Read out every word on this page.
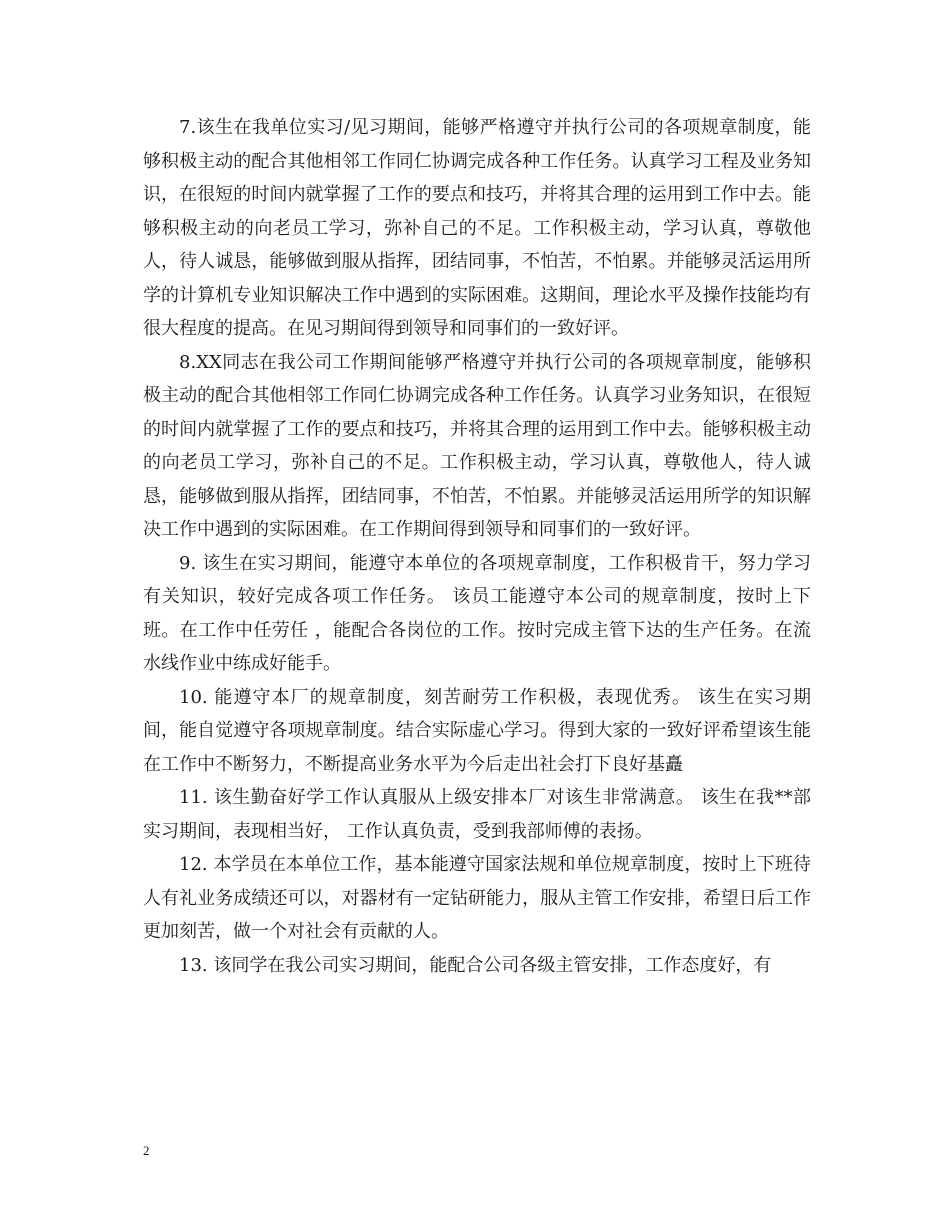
7.该生在我单位实习/见习期间，能够严格遵守并执行公司的各项规章制度，能够积极主动的配合其他相邻工作同仁协调完成各种工作任务。认真学习工程及业务知识，在很短的时间内就掌握了工作的要点和技巧，并将其合理的运用到工作中去。能够积极主动的向老员工学习，弥补自己的不足。工作积极主动，学习认真，尊敬他人，待人诚恳，能够做到服从指挥，团结同事，不怕苦，不怕累。并能够灵活运用所学的计算机专业知识解决工作中遇到的实际困难。这期间，理论水平及操作技能均有很大程度的提高。在见习期间得到领导和同事们的一致好评。

8.XX同志在我公司工作期间能够严格遵守并执行公司的各项规章制度，能够积极主动的配合其他相邻工作同仁协调完成各种工作任务。认真学习业务知识，在很短的时间内就掌握了工作的要点和技巧，并将其合理的运用到工作中去。能够积极主动的向老员工学习，弥补自己的不足。工作积极主动，学习认真，尊敬他人，待人诚恳，能够做到服从指挥，团结同事，不怕苦，不怕累。并能够灵活运用所学的知识解决工作中遇到的实际困难。在工作期间得到领导和同事们的一致好评。

9. 该生在实习期间，能遵守本单位的各项规章制度，工作积极肯干，努力学习有关知识，较好完成各项工作任务。 该员工能遵守本公司的规章制度，按时上下班。在工作中任劳任 ，能配合各岗位的工作。按时完成主管下达的生产任务。在流水线作业中练成好能手。

10. 能遵守本厂的规章制度，刻苦耐劳工作积极，表现优秀。 该生在实习期间，能自觉遵守各项规章制度。结合实际虚心学习。得到大家的一致好评希望该生能在工作中不断努力，不断提高业务水平为今后走出社会打下良好基矗

11. 该生勤奋好学工作认真服从上级安排本厂对该生非常满意。 该生在我**部实习期间，表现相当好， 工作认真负责，受到我部师傅的表扬。

12. 本学员在本单位工作，基本能遵守国家法规和单位规章制度，按时上下班待人有礼业务成绩还可以，对器材有一定钻研能力，服从主管工作安排，希望日后工作更加刻苦，做一个对社会有贡献的人。

13. 该同学在我公司实习期间，能配合公司各级主管安排，工作态度好，有

2
